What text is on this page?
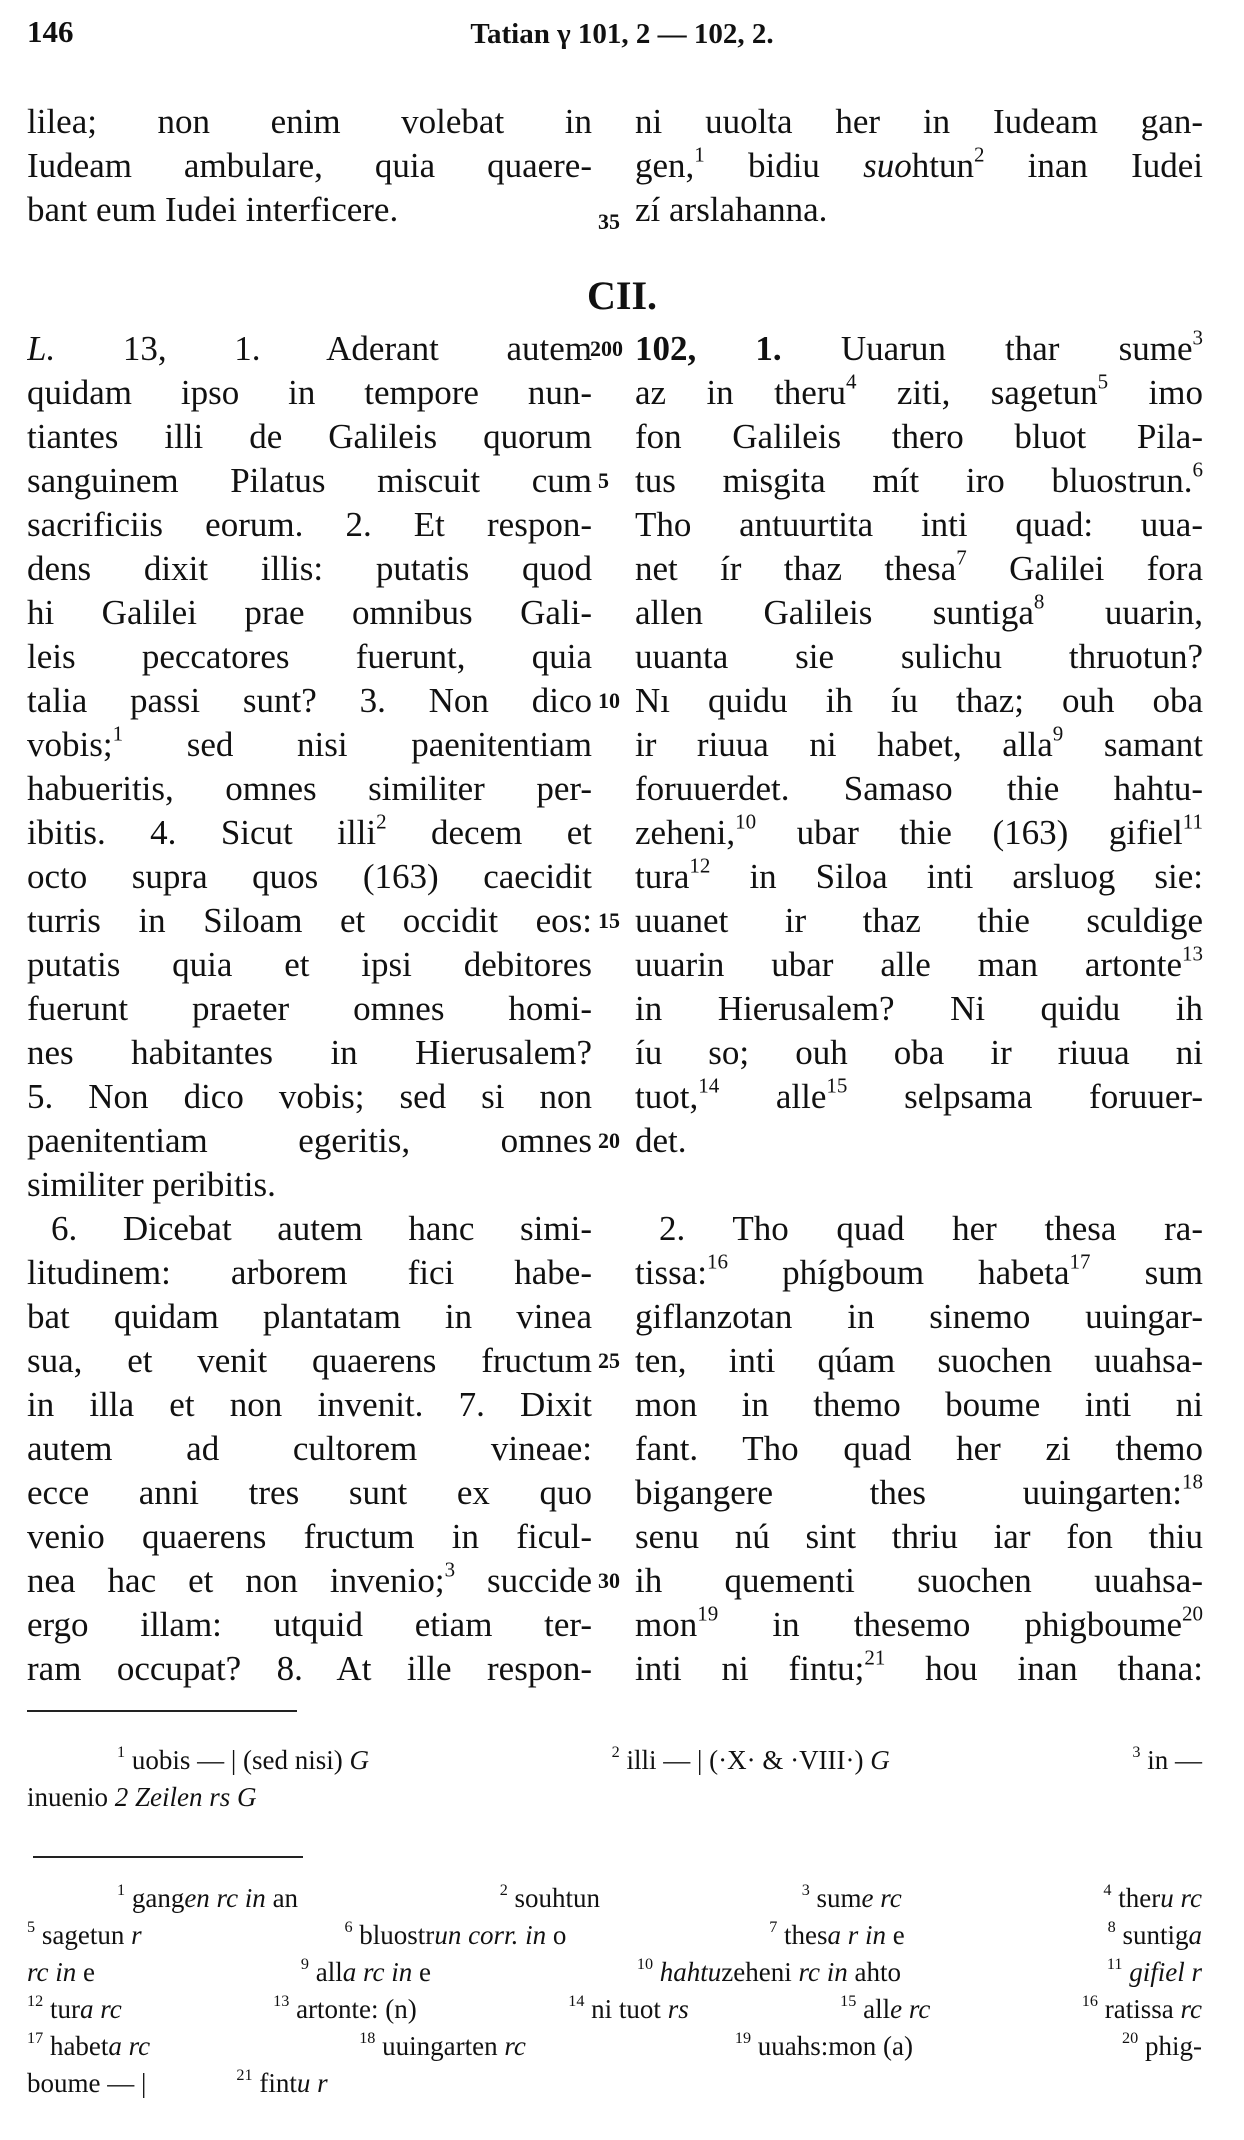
146	Tatian γ 101, 2 — 102, 2.
lilea; non enim volebat in
Iudeam ambulare, quia quaere-
bant eum Iudei interficere.
ni uuolta her in Iudeam gan-
gen,$^1$ bidiu suohtun$^2$ inan Iudei
zí arslahanna.
35
CII.
L. 13, 1. Aderant autem
quidam ipso in tempore nun-
tiantes illi de Galileis quorum
sanguinem Pilatus miscuit cum
sacrificiis eorum. 2. Et respon-
dens dixit illis: putatis quod
hi Galilei prae omnibus Gali-
leis peccatores fuerunt, quia
talia passi sunt? 3. Non dico
vobis;$^1$ sed nisi paenitentiam
habueritis, omnes similiter per-
ibitis. 4. Sicut illi$^2$ decem et
octo supra quos (163) caecidit
turris in Siloam et occidit eos:
putatis quia et ipsi debitores
fuerunt praeter omnes homi-
nes habitantes in Hierusalem?
5. Non dico vobis; sed si non
paenitentiam egeritis, omnes
similiter peribitis.
6. Dicebat autem hanc simi-
litudinem: arborem fici habe-
bat quidam plantatam in vinea
sua, et venit quaerens fructum
in illa et non invenit. 7. Dixit
autem ad cultorem vineae:
ecce anni tres sunt ex quo
venio quaerens fructum in ficul-
nea hac et non invenio;$^3$ succide
ergo illam: utquid etiam ter-
ram occupat? 8. At ille respon-
102, 1. Uuarun thar sume$^3$
az in theru$^4$ ziti, sagetun$^5$ imo
fon Galileis thero bluot Pila-
tus misgita mít iro bluostrun.$^6$
Tho antuurtita inti quad: uua-
net ír thaz thesa$^7$ Galilei fora
allen Galileis suntiga$^8$ uuarin,
uuanta sie sulichu thruotun?
Nı quidu ih íu thaz; ouh oba
ir riuua ni habet, alla$^9$ samant
foruuerdet. Samaso thie hahtu-
zeheni,$^{10}$ ubar thie (163) gifiel$^{11}$
tura$^{12}$ in Siloa inti arsluog sie:
uuanet ir thaz thie sculdige
uuarin ubar alle man artonte$^{13}$
in Hierusalem? Ni quidu ih
íu so; ouh oba ir riuua ni
tuot,$^{14}$ alle$^{15}$ selpsama foruuer-
det.
2. Tho quad her thesa ra-
tissa:$^{16}$ phígboum habeta$^{17}$ sum
giflanzotan in sinemo uuingar-
ten, inti qúam suochen uuahsa-
mon in themo boume inti ni
fant. Tho quad her zi themo
bigangere thes uuingarten:$^{18}$
senu nú sint thriu iar fon thiu
ih quementi suochen uuahsa-
mon$^{19}$ in thesemo phigboume$^{20}$
inti ni fintu;$^{21}$ hou inan thana:
200
5
10
15
20
25
30
$^1$ uobis — | (sed nisi) G	$^2$ illi — | (·X· & ·VIII·) G	$^3$ in —
inuenio 2 Zeilen rs G
$^1$ gangen rc in an	$^2$ souhtun	$^3$ sume rc	$^4$ theru rc
$^5$ sagetun r	$^6$ bluostrun corr. in o	$^7$ thesa r in e	$^8$ suntiga
rc in e	$^9$ alla rc in e	$^{10}$ hahtuzeheni rc in ahto	$^{11}$ gifiel r
$^{12}$ tura rc	$^{13}$ artonte: (n)	$^{14}$ ni tuot rs	$^{15}$ alle rc	$^{16}$ ratissa rc
$^{17}$ habeta rc	$^{18}$ uuingarten rc	$^{19}$ uuahs:mon (a)	$^{20}$ phig-
boume — |	$^{21}$ fintu r
